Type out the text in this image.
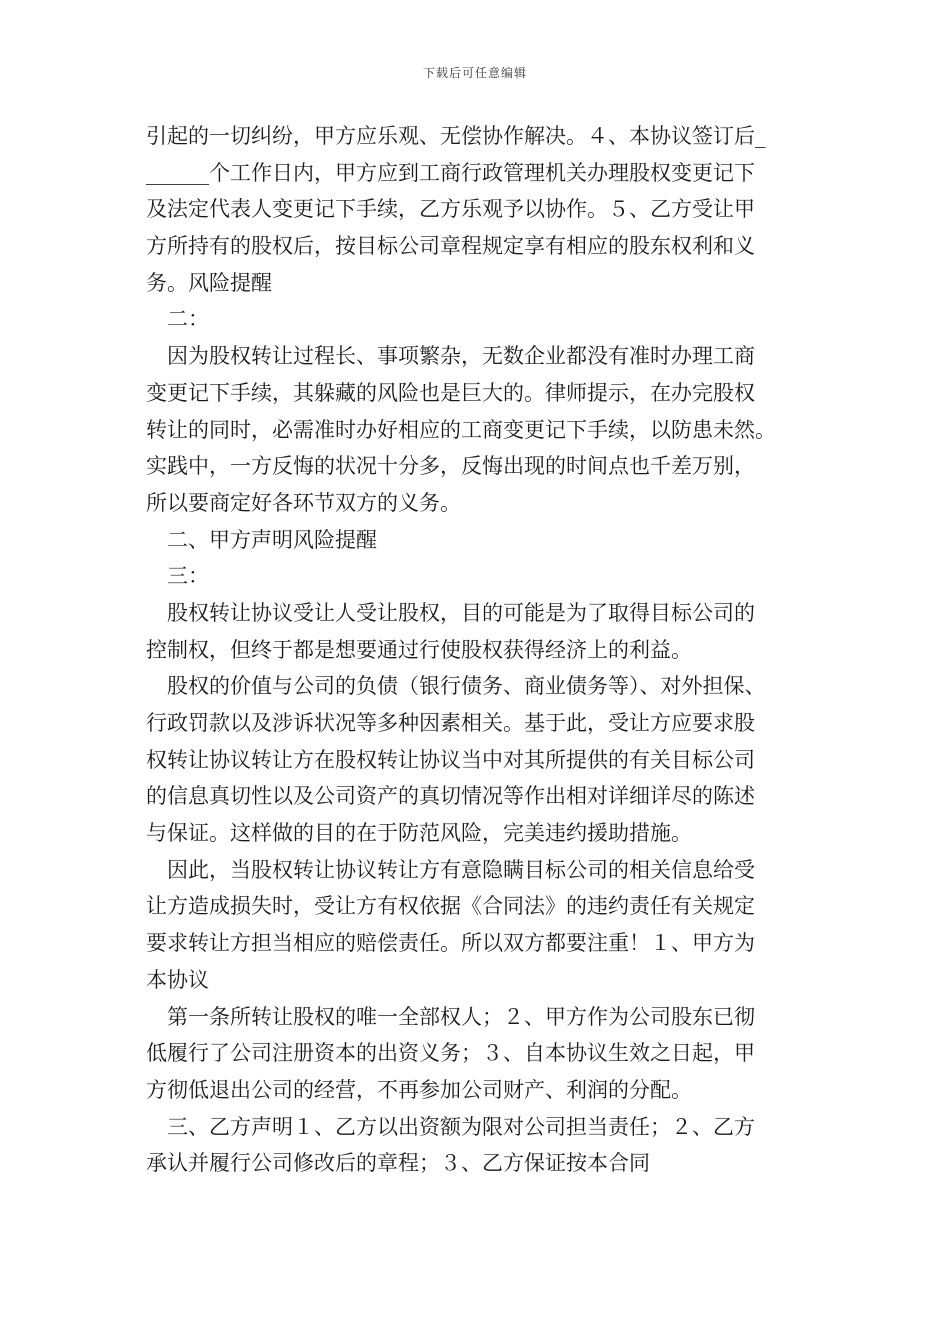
下载后可任意编辑
引起的一切纠纷，甲方应乐观、无偿协作解决。４、本协议签订后_
______个工作日内，甲方应到工商行政管理机关办理股权变更记下
及法定代表人变更记下手续，乙方乐观予以协作。５、乙方受让甲
方所持有的股权后，按目标公司章程规定享有相应的股东权利和义
务。风险提醒
二：
因为股权转让过程长、事项繁杂，无数企业都没有准时办理工商
变更记下手续，其躲藏的风险也是巨大的。律师提示，在办完股权
转让的同时，必需准时办好相应的工商变更记下手续，以防患未然。
实践中，一方反悔的状况十分多，反悔出现的时间点也千差万别，
所以要商定好各环节双方的义务。
二、甲方声明风险提醒
三：
股权转让协议受让人受让股权，目的可能是为了取得目标公司的
控制权，但终于都是想要通过行使股权获得经济上的利益。
股权的价值与公司的负债（银行债务、商业债务等）、对外担保、
行政罚款以及涉诉状况等多种因素相关。基于此，受让方应要求股
权转让协议转让方在股权转让协议当中对其所提供的有关目标公司
的信息真切性以及公司资产的真切情况等作出相对详细详尽的陈述
与保证。这样做的目的在于防范风险，完美违约援助措施。
因此，当股权转让协议转让方有意隐瞒目标公司的相关信息给受
让方造成损失时，受让方有权依据《合同法》的违约责任有关规定
要求转让方担当相应的赔偿责任。所以双方都要注重！１、甲方为
本协议
第一条所转让股权的唯一全部权人；２、甲方作为公司股东已彻
低履行了公司注册资本的出资义务；３、自本协议生效之日起，甲
方彻低退出公司的经营，不再参加公司财产、利润的分配。
三、乙方声明１、乙方以出资额为限对公司担当责任；２、乙方
承认并履行公司修改后的章程；３、乙方保证按本合同
